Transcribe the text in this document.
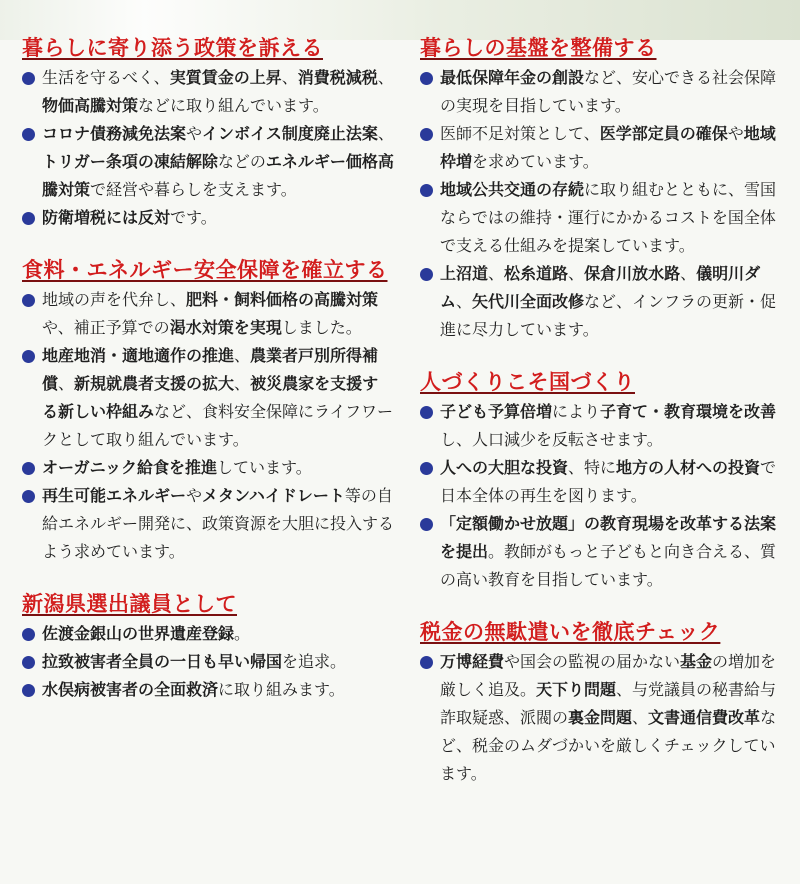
暮らしに寄り添う政策を訴える
生活を守るべく、実質賃金の上昇、消費税減税、物価高騰対策などに取り組んでいます。
コロナ債務減免法案やインボイス制度廃止法案、トリガー条項の凍結解除などのエネルギー価格高騰対策で経営や暮らしを支えます。
防衛増税には反対です。
食料・エネルギー安全保障を確立する
地域の声を代弁し、肥料・飼料価格の高騰対策や、補正予算での渇水対策を実現しました。
地産地消・適地適作の推進、農業者戸別所得補償、新規就農者支援の拡大、被災農家を支援する新しい枠組みなど、食料安全保障にライフワークとして取り組んでいます。
オーガニック給食を推進しています。
再生可能エネルギーやメタンハイドレート等の自給エネルギー開発に、政策資源を大胆に投入するよう求めています。
新潟県選出議員として
佐渡金銀山の世界遺産登録。
拉致被害者全員の一日も早い帰国を追求。
水俣病被害者の全面救済に取り組みます。
暮らしの基盤を整備する
最低保障年金の創設など、安心できる社会保障の実現を目指しています。
医師不足対策として、医学部定員の確保や地域枠増を求めています。
地域公共交通の存続に取り組むとともに、雪国ならではの維持・運行にかかるコストを国全体で支える仕組みを提案しています。
上沼道、松糸道路、保倉川放水路、儀明川ダム、矢代川全面改修など、インフラの更新・促進に尽力しています。
人づくりこそ国づくり
子ども予算倍増により子育て・教育環境を改善し、人口減少を反転させます。
人への大胆な投資、特に地方の人材への投資で日本全体の再生を図ります。
「定額働かせ放題」の教育現場を改革する法案を提出。教師がもっと子どもと向き合える、質の高い教育を目指しています。
税金の無駄遣いを徹底チェック
万博経費や国会の監視の届かない基金の増加を厳しく追及。天下り問題、与党議員の秘書給与詐取疑惑、派閥の裏金問題、文書通信費改革など、税金のムダづかいを厳しくチェックしています。
